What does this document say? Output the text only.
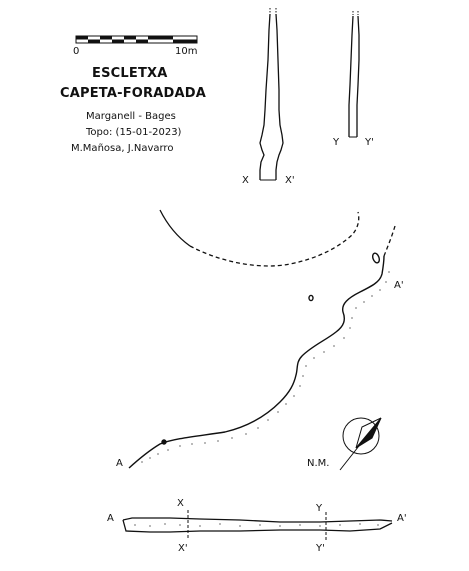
0	10m
ESCLETXA
CAPETA-FORADADA
Marganell - Bages
Topo: (15-01-2023)
M.Mañosa, J.Navarro
X	X'
Y	Y'
A'
A	N.M.
A	A'
X
X'
Y
Y'
